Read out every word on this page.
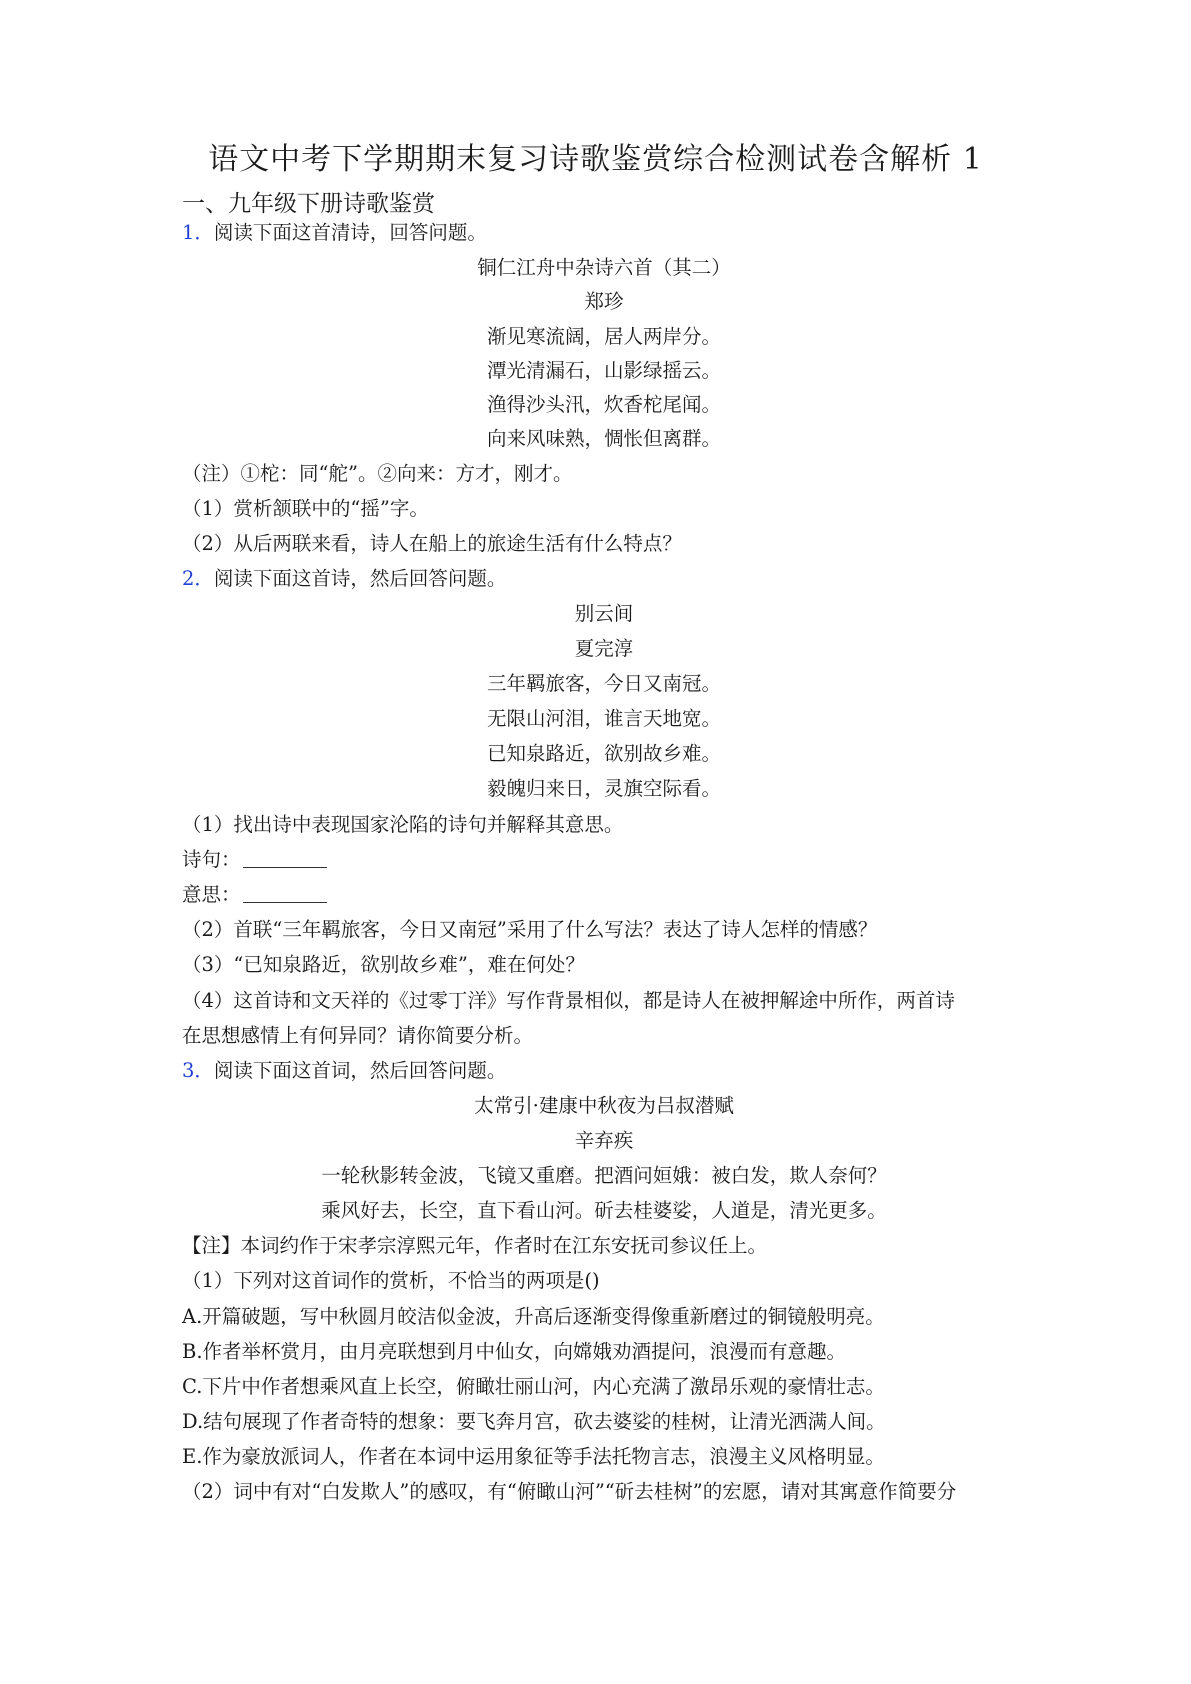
语文中考下学期期末复习诗歌鉴赏综合检测试卷含解析 1
一、九年级下册诗歌鉴赏
1．阅读下面这首清诗，回答问题。
铜仁江舟中杂诗六首（其二）
郑珍
渐见寒流阔，居人两岸分。
潭光清漏石，山影绿摇云。
渔得沙头汛，炊香柁尾闻。
向来风味熟，惆怅但离群。
（注）①柁：同“舵”。②向来：方才，刚才。
（1）赏析颔联中的“摇”字。
（2）从后两联来看，诗人在船上的旅途生活有什么特点？
2．阅读下面这首诗，然后回答问题。
别云间
夏完淳
三年羁旅客，今日又南冠。
无限山河泪，谁言天地宽。
已知泉路近，欲别故乡难。
毅魄归来日，灵旗空际看。
（1）找出诗中表现国家沦陷的诗句并解释其意思。
诗句：
意思：
（2）首联“三年羁旅客，今日又南冠”采用了什么写法？表达了诗人怎样的情感？
（3）“已知泉路近，欲别故乡难”，难在何处？
（4）这首诗和文天祥的《过零丁洋》写作背景相似，都是诗人在被押解途中所作，两首诗
在思想感情上有何异同？请你简要分析。
3．阅读下面这首词，然后回答问题。
太常引·建康中秋夜为吕叔潜赋
辛弃疾
一轮秋影转金波，飞镜又重磨。把酒问姮娥：被白发，欺人奈何？
乘风好去，长空，直下看山河。斫去桂婆娑，人道是，清光更多。
【注】本词约作于宋孝宗淳熙元年，作者时在江东安抚司参议任上。
（1）下列对这首词作的赏析，不恰当的两项是()
A.开篇破题，写中秋圆月皎洁似金波，升高后逐渐变得像重新磨过的铜镜般明亮。
B.作者举杯赏月，由月亮联想到月中仙女，向嫦娥劝酒提问，浪漫而有意趣。
C.下片中作者想乘风直上长空，俯瞰壮丽山河，内心充满了激昂乐观的豪情壮志。
D.结句展现了作者奇特的想象：要飞奔月宫，砍去婆娑的桂树，让清光洒满人间。
E.作为豪放派词人，作者在本词中运用象征等手法托物言志，浪漫主义风格明显。
（2）词中有对“白发欺人”的感叹，有“俯瞰山河”“斫去桂树”的宏愿，请对其寓意作简要分
